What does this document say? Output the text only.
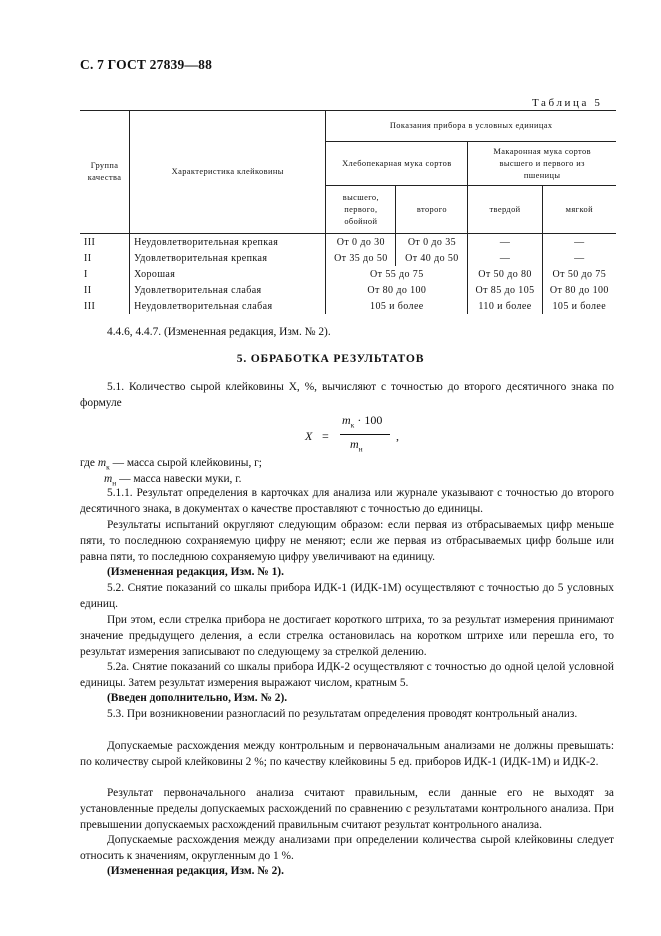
С. 7 ГОСТ 27839—88
Таблица 5
Группа качества	Характеристика клейковины	Показания прибора в условных единицах			
		Хлебопекарная мука сортов		Макаронная мука сортов высшего и первого из пшеницы	
		высшего, первого, обойной	второго	твердой	мягкой
III	Неудовлетворительная крепкая	От 0 до 30	От 0 до 35	—	—
II	Удовлетворительная крепкая	От 35 до 50	От 40 до 50	—	—
I	Хорошая	От 55 до 75		От 50 до 80	От 50 до 75
II	Удовлетворительная слабая	От 80 до 100		От 85 до 105	От 80 до 100
III	Неудовлетворительная слабая	105 и более		110 и более	105 и более
4.4.6, 4.4.7. (Измененная редакция, Изм. № 2).
5. ОБРАБОТКА РЕЗУЛЬТАТОВ
5.1. Количество сырой клейковины X, %, вычисляют с точностью до второго десятичного знака по формуле
X =
$m_к \cdot 100$
$m_н$
,
где $m_к$ — масса сырой клейковины, г;
$m_н$ — масса навески муки, г.
5.1.1. Результат определения в карточках для анализа или журнале указывают с точностью до второго десятичного знака, в документах о качестве проставляют с точностью до единицы.
Результаты испытаний округляют следующим образом: если первая из отбрасываемых цифр меньше пяти, то последнюю сохраняемую цифру не меняют; если же первая из отбрасываемых цифр больше или равна пяти, то последнюю сохраняемую цифру увеличивают на единицу.
(Измененная редакция, Изм. № 1).
5.2. Снятие показаний со шкалы прибора ИДК-1 (ИДК-1М) осуществляют с точностью до 5 условных единиц.
При этом, если стрелка прибора не достигает короткого штриха, то за результат измерения принимают значение предыдущего деления, а если стрелка остановилась на коротком штрихе или перешла его, то результат измерения записывают по следующему за стрелкой делению.
5.2а. Снятие показаний со шкалы прибора ИДК-2 осуществляют с точностью до одной целой условной единицы. Затем результат измерения выражают числом, кратным 5.
(Введен дополнительно, Изм. № 2).
5.3. При возникновении разногласий по результатам определения проводят контрольный анализ.
Допускаемые расхождения между контрольным и первоначальным анализами не должны превышать: по количеству сырой клейковины 2 %; по качеству клейковины 5 ед. приборов ИДК-1 (ИДК-1М) и ИДК-2.
Результат первоначального анализа считают правильным, если данные его не выходят за установленные пределы допускаемых расхождений по сравнению с результатами контрольного анализа. При превышении допускаемых расхождений правильным считают результат контрольного анализа.
Допускаемые расхождения между анализами при определении количества сырой клейковины следует относить к значениям, округленным до 1 %.
(Измененная редакция, Изм. № 2).
